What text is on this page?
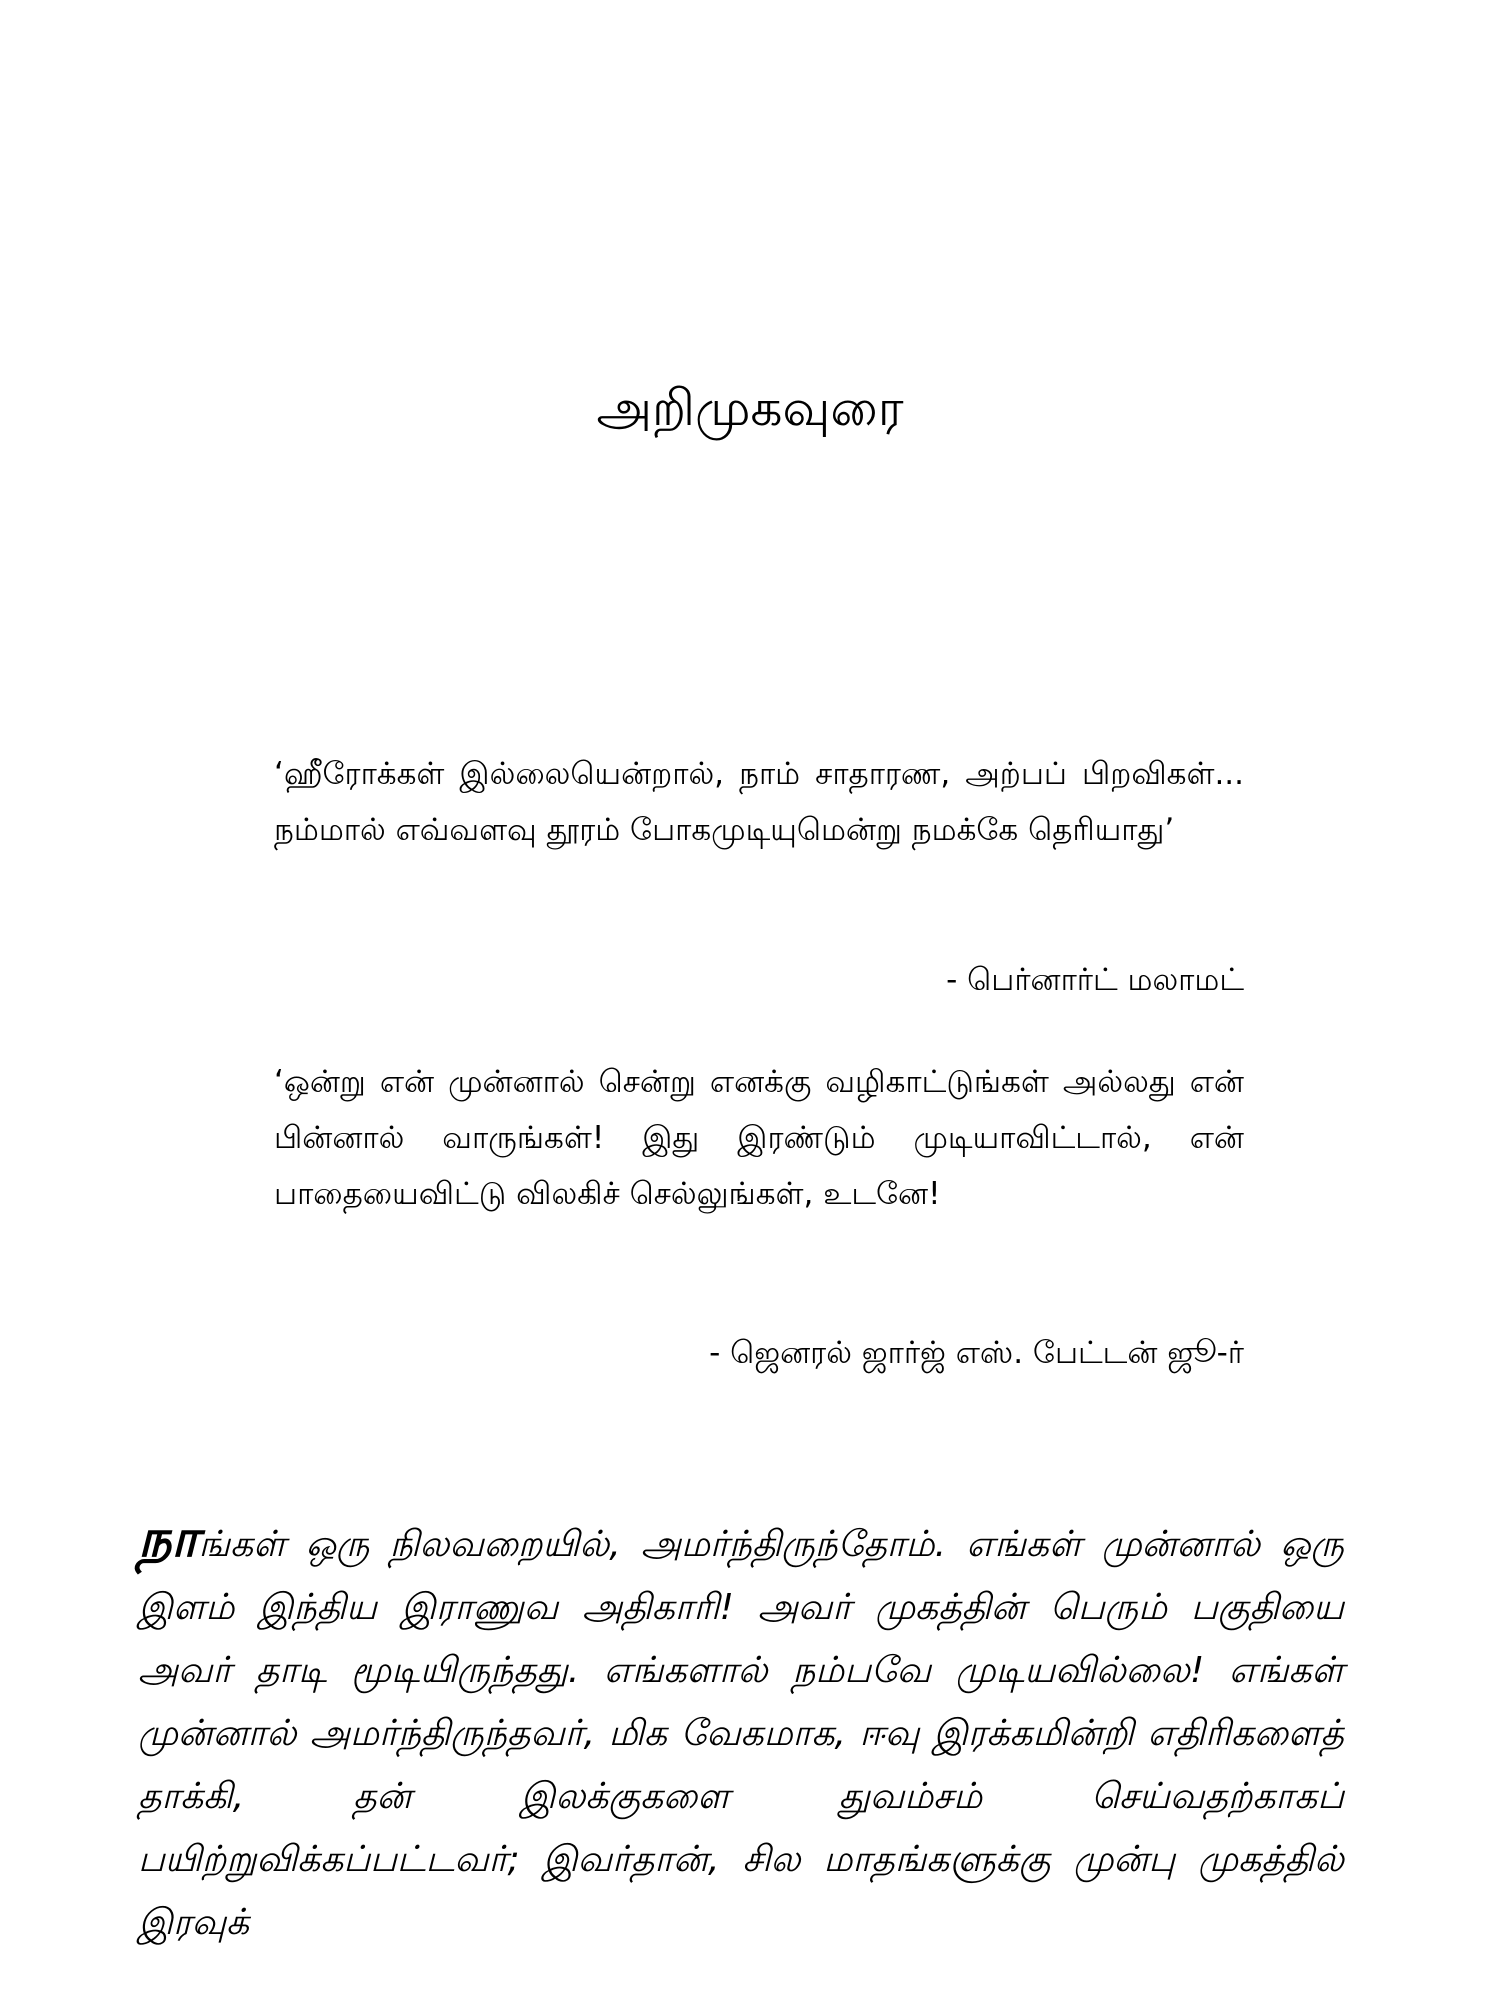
அறிமுகவுரை
‘ஹீரோக்கள் இல்லையென்றால், நாம் சாதாரண, அற்பப் பிறவிகள்... நம்மால் எவ்வளவு தூரம் போகமுடியுமென்று நமக்கே தெரியாது’
- பெர்னார்ட் மலாமட்
‘ஒன்று என் முன்னால் சென்று எனக்கு வழிகாட்டுங்கள் அல்லது என் பின்னால் வாருங்கள்! இது இரண்டும் முடியாவிட்டால், என் பாதையைவிட்டு விலகிச் செல்லுங்கள், உடனே!
- ஜெனரல் ஜார்ஜ் எஸ். பேட்டன் ஜூ-ர்

நாங்கள் ஒரு நிலவறையில், அமர்ந்திருந்தோம். எங்கள் முன்னால் ஒரு இளம் இந்திய இராணுவ அதிகாரி! அவர் முகத்தின் பெரும் பகுதியை அவர் தாடி மூடியிருந்தது. எங்களால் நம்பவே முடியவில்லை! எங்கள் முன்னால் அமர்ந்திருந்தவர், மிக வேகமாக, ஈவு இரக்கமின்றி எதிரிகளைத் தாக்கி, தன் இலக்குகளை துவம்சம் செய்வதற்காகப் பயிற்றுவிக்கப்பட்டவர்; இவர்தான், சில மாதங்களுக்கு முன்பு முகத்தில் இரவுக்
